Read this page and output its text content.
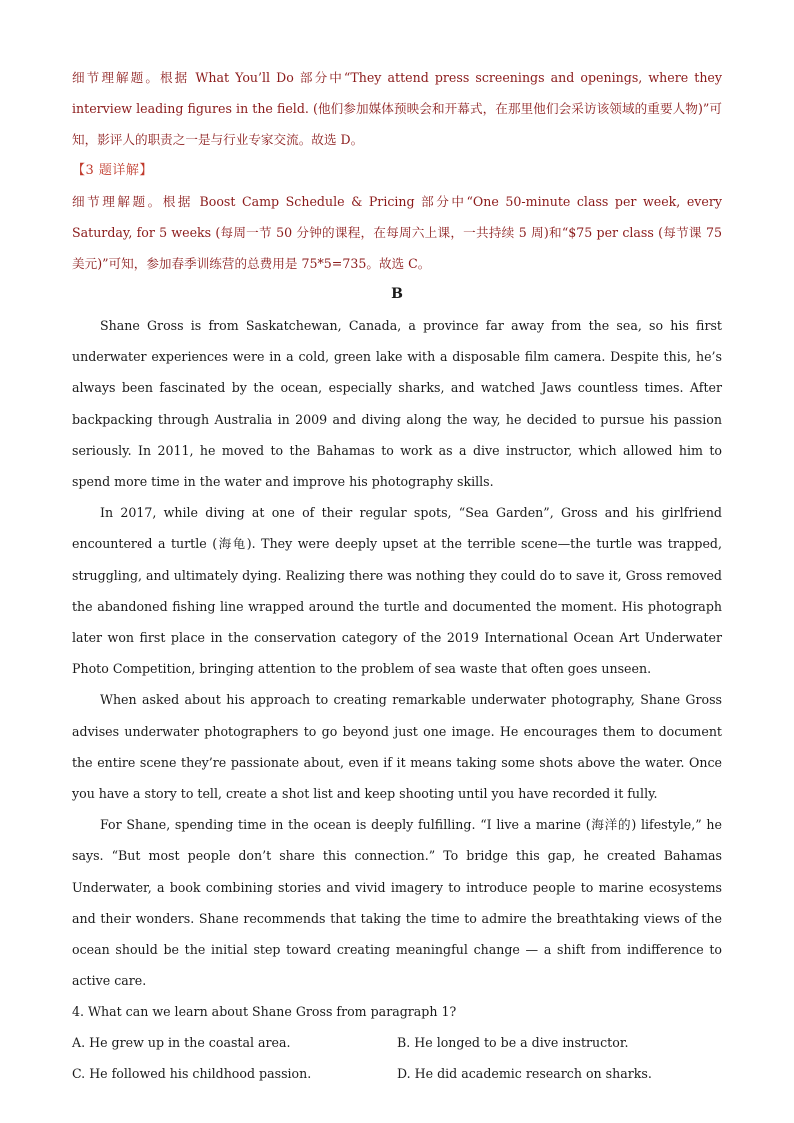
细节理解题。根据 What You’ll Do 部分中“They attend press screenings and openings, where they interview leading figures in the field. (他们参加媒体预映会和开幕式，在那里他们会采访该领域的重要人物)”可知，影评人的职责之一是与行业专家交流。故选 D。

【3 题详解】

细节理解题。根据 Boost Camp Schedule & Pricing 部分中“One 50-minute class per week, every Saturday, for 5 weeks (每周一节 50 分钟的课程，在每周六上课，一共持续 5 周)和“$75 per class (每节课 75 美元)”可知，参加春季训练营的总费用是 75*5=735。故选 C。

B

Shane Gross is from Saskatchewan, Canada, a province far away from the sea, so his first underwater experiences were in a cold, green lake with a disposable film camera. Despite this, he’s always been fascinated by the ocean, especially sharks, and watched Jaws countless times. After backpacking through Australia in 2009 and diving along the way, he decided to pursue his passion seriously. In 2011, he moved to the Bahamas to work as a dive instructor, which allowed him to spend more time in the water and improve his photography skills.

In 2017, while diving at one of their regular spots, “Sea Garden”, Gross and his girlfriend encountered a turtle (海龟). They were deeply upset at the terrible scene—the turtle was trapped, struggling, and ultimately dying. Realizing there was nothing they could do to save it, Gross removed the abandoned fishing line wrapped around the turtle and documented the moment. His photograph later won first place in the conservation category of the 2019 International Ocean Art Underwater Photo Competition, bringing attention to the problem of sea waste that often goes unseen.

When asked about his approach to creating remarkable underwater photography, Shane Gross advises underwater photographers to go beyond just one image. He encourages them to document the entire scene they’re passionate about, even if it means taking some shots above the water. Once you have a story to tell, create a shot list and keep shooting until you have recorded it fully.

For Shane, spending time in the ocean is deeply fulfilling. “I live a marine (海洋的) lifestyle,” he says. “But most people don’t share this connection.” To bridge this gap, he created Bahamas Underwater, a book combining stories and vivid imagery to introduce people to marine ecosystems and their wonders. Shane recommends that taking the time to admire the breathtaking views of the ocean should be the initial step toward creating meaningful change — a shift from indifference to active care.

4. What can we learn about Shane Gross from paragraph 1?

A. He grew up in the coastal area.	B. He longed to be a dive instructor.
C. He followed his childhood passion.	D. He did academic research on sharks.
